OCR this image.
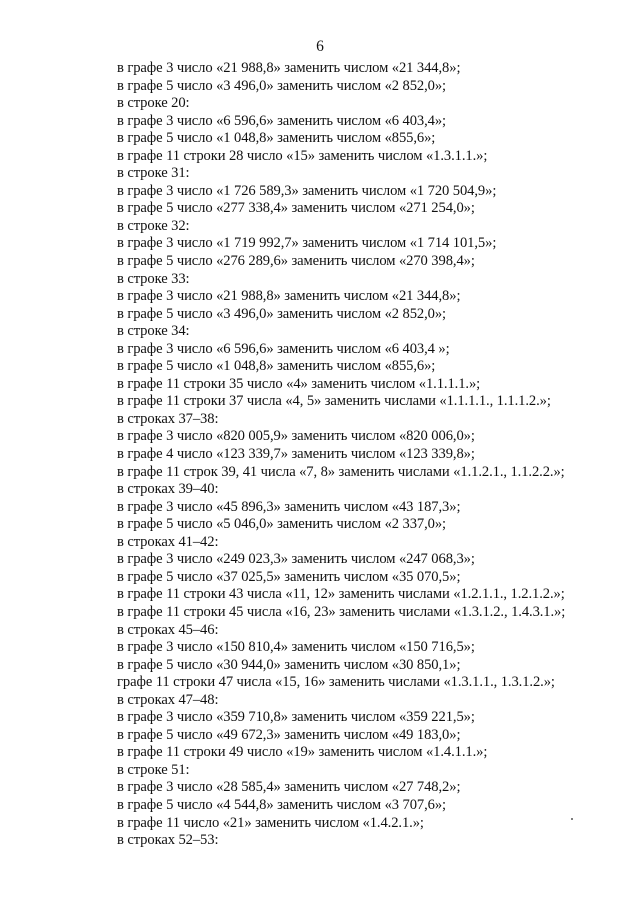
6
в графе 3 число «21 988,8» заменить числом «21 344,8»;
в графе 5 число «3 496,0» заменить числом «2 852,0»;
в строке 20:
в графе 3 число «6 596,6» заменить числом «6 403,4»;
в графе 5 число «1 048,8» заменить числом «855,6»;
в графе 11 строки 28 число «15» заменить числом «1.3.1.1.»;
в строке 31:
в графе 3 число «1 726 589,3» заменить числом «1 720 504,9»;
в графе 5 число «277 338,4» заменить числом «271 254,0»;
в строке 32:
в графе 3 число «1 719 992,7» заменить числом «1 714 101,5»;
в графе 5 число «276 289,6» заменить числом «270 398,4»;
в строке 33:
в графе 3 число «21 988,8» заменить числом «21 344,8»;
в графе 5 число «3 496,0» заменить числом «2 852,0»;
в строке 34:
в графе 3 число «6 596,6» заменить числом «6 403,4 »;
в графе 5 число «1 048,8» заменить числом «855,6»;
в графе 11 строки 35 число «4» заменить числом «1.1.1.1.»;
в графе 11 строки 37 числа «4, 5» заменить числами «1.1.1.1., 1.1.1.2.»;
в строках 37–38:
в графе 3 число «820 005,9» заменить числом «820 006,0»;
в графе 4 число «123 339,7» заменить числом «123 339,8»;
в графе 11 строк 39, 41 числа «7, 8» заменить числами «1.1.2.1., 1.1.2.2.»;
в строках 39–40:
в графе 3 число «45 896,3» заменить числом «43 187,3»;
в графе 5 число «5 046,0» заменить числом «2 337,0»;
в строках 41–42:
в графе 3 число «249 023,3» заменить числом «247 068,3»;
в графе 5 число «37 025,5» заменить числом «35 070,5»;
в графе 11 строки 43 числа «11, 12» заменить числами «1.2.1.1., 1.2.1.2.»;
в графе 11 строки 45 числа «16, 23» заменить числами «1.3.1.2., 1.4.3.1.»;
в строках 45–46:
в графе 3 число «150 810,4» заменить числом «150 716,5»;
в графе 5 число «30 944,0» заменить числом «30 850,1»;
графе 11 строки 47 числа «15, 16» заменить числами «1.3.1.1., 1.3.1.2.»;
в строках 47–48:
в графе 3 число «359 710,8» заменить числом «359 221,5»;
в графе 5 число «49 672,3» заменить числом «49 183,0»;
в графе 11 строки 49 число «19» заменить числом «1.4.1.1.»;
в строке 51:
в графе 3 число «28 585,4» заменить числом «27 748,2»;
в графе 5 число «4 544,8» заменить числом «3 707,6»;
в графе 11 число «21» заменить числом «1.4.2.1.»;
в строках 52–53:
